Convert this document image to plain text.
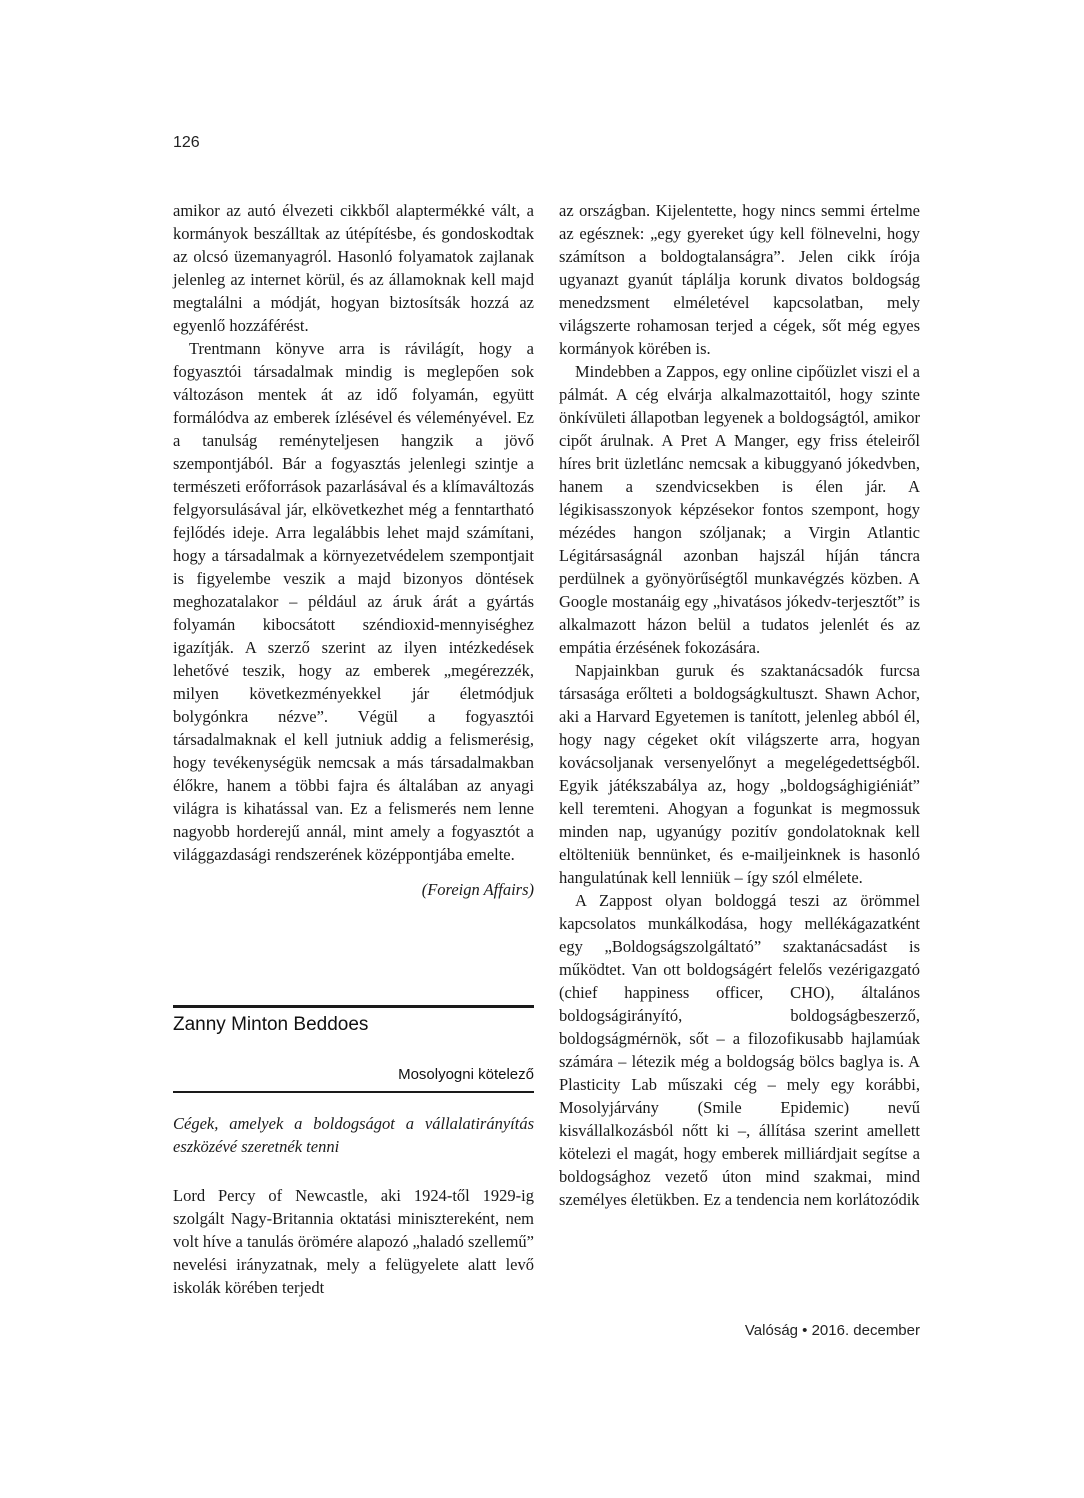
126

amikor az autó élvezeti cikkből alaptermékké vált, a kormányok beszálltak az útépítésbe, és gondoskodtak az olcsó üzemanyagról. Hasonló folyamatok zajlanak jelenleg az internet körül, és az államoknak kell majd megtalálni a módját, hogyan biztosítsák hozzá az egyenlő hozzáférést.

Trentmann könyve arra is rávilágít, hogy a fogyasztói társadalmak mindig is meglepően sok változáson mentek át az idő folyamán, együtt formálódva az emberek ízlésével és véleményével. Ez a tanulság reményteljesen hangzik a jövő szempontjából. Bár a fogyasztás jelenlegi szintje a természeti erőforrások pazarlásával és a klímaváltozás felgyorsulásával jár, elkövetkezhet még a fenntartható fejlődés ideje. Arra legalábbis lehet majd számítani, hogy a társadalmak a környezetvédelem szempontjait is figyelembe veszik a majd bizonyos döntések meghozatalakor – például az áruk árát a gyártás folyamán kibocsátott széndioxid-mennyiséghez igazítják. A szerző szerint az ilyen intézkedések lehetővé teszik, hogy az emberek „megérezzék, milyen következményekkel jár életmódjuk bolygónkra nézve”. Végül a fogyasztói társadalmaknak el kell jutniuk addig a felismerésig, hogy tevékenységük nemcsak a más társadalmakban élőkre, hanem a többi fajra és általában az anyagi világra is kihatással van. Ez a felismerés nem lenne nagyobb horderejű annál, mint amely a fogyasztót a világgazdasági rendszerének középpontjába emelte.

(Foreign Affairs)

Zanny Minton Beddoes
Mosolyogni kötelező
Cégek, amelyek a boldogságot a vállalatirányítás eszközévé szeretnék tenni
Lord Percy of Newcastle, aki 1924-től 1929-ig szolgált Nagy-Britannia oktatási minisztereként, nem volt híve a tanulás örömére alapozó „haladó szellemű” nevelési irányzatnak, mely a felügyelete alatt levő iskolák körében terjedt

az országban. Kijelentette, hogy nincs semmi értelme az egésznek: „egy gyereket úgy kell fölnevelni, hogy számítson a boldogtalanságra”. Jelen cikk írója ugyanazt gyanút táplálja korunk divatos boldogság menedzsment elméletével kapcsolatban, mely világszerte rohamosan terjed a cégek, sőt még egyes kormányok körében is.

Mindebben a Zappos, egy online cipőüzlet viszi el a pálmát. A cég elvárja alkalmazottaitól, hogy szinte önkívületi állapotban legyenek a boldogságtól, amikor cipőt árulnak. A Pret A Manger, egy friss ételeiről híres brit üzletlánc nemcsak a kibuggyanó jókedvben, hanem a szendvicsekben is élen jár. A légikisasszonyok képzésekor fontos szempont, hogy mézédes hangon szóljanak; a Virgin Atlantic Légitársaságnál azonban hajszál híján táncra perdülnek a gyönyörűségtől munkavégzés közben. A Google mostanáig egy „hivatásos jókedv-terjesztőt” is alkalmazott házon belül a tudatos jelenlét és az empátia érzésének fokozására.

Napjainkban guruk és szaktanácsadók furcsa társasága erőlteti a boldogságkultuszt. Shawn Achor, aki a Harvard Egyetemen is tanított, jelenleg abból él, hogy nagy cégeket okít világszerte arra, hogyan kovácsoljanak versenyelőnyt a megelégedettségből. Egyik játékszabálya az, hogy „boldogsághigiéniát” kell teremteni. Ahogyan a fogunkat is megmossuk minden nap, ugyanúgy pozitív gondolatoknak kell eltölteniük bennünket, és e-mailjeinknek is hasonló hangulatúnak kell lenniük – így szól elmélete.

A Zappost olyan boldoggá teszi az örömmel kapcsolatos munkálkodása, hogy mellékágazatként egy „Boldogságszolgáltató” szaktanácsadást is működtet. Van ott boldogságért felelős vezérigazgató (chief happiness officer, CHO), általános boldogságirányító, boldogságbeszerző, boldogságmérnök, sőt – a filozofikusabb hajlamúak számára – létezik még a boldogság bölcs baglya is. A Plasticity Lab műszaki cég – mely egy korábbi, Mosolyjárvány (Smile Epidemic) nevű kisvállalkozásból nőtt ki –, állítása szerint amellett kötelezi el magát, hogy emberek milliárdjait segítse a boldogsághoz vezető úton mind szakmai, mind személyes életükben. Ez a tendencia nem korlátozódik

Valóság • 2016. december
